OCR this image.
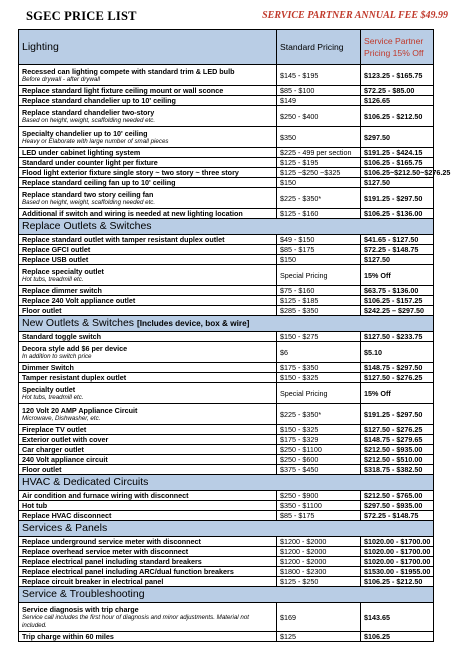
SGEC PRICE LIST	SERVICE PARTNER ANNUAL FEE $49.99
Lighting	Standard Pricing	Service Partner Pricing 15% Off
Recessed can lighting compete with standard trim & LED bulb
Before drywall - after drywall	$145 - $195	$123.25 - $165.75
Replace standard light fixture ceiling mount or wall sconce	$85 - $100	$72.25 - $85.00
Replace standard chandelier up to 10' ceiling	$149	$126.65
Replace standard chandelier two-story
Based on height, weight, scaffolding needed etc.	$250 - $400	$106.25 - $212.50
Specialty chandelier up to 10' ceiling
Heavy or Elaborate with large number of small pieces	$350	$297.50
LED under cabinet lighting system	$225 - 499 per section	$191.25 - $424.15
Standard under counter light per fixture	$125 - $195	$106.25 - $165.75
Flood light exterior fixture single story ~ two story ~ three story	$125 ~$250 ~$325	$106.25~$212.50~$276.25
Replace standard ceiling fan up to 10' ceiling	$150	$127.50
Replace standard two story ceiling fan
Based on height, weight, scaffolding needed etc.	$225 - $350*	$191.25 - $297.50
Additional if switch and wiring is needed at new lighting location	$125 - $160	$106.25 - $136.00
Replace Outlets & Switches		
Replace standard outlet with tamper resistant duplex outlet	$49 - $150	$41.65 - $127.50
Replace GFCI outlet	$85 - $175	$72.25 - $148.75
Replace USB outlet	$150	$127.50
Replace specialty outlet
Hot tubs, treadmill etc.	Special Pricing	15% Off
Replace dimmer switch	$75 - $160	$63.75 - $136.00
Replace 240 Volt appliance outlet	$125 - $185	$106.25 - $157.25
Floor outlet	$285 - $350	$242.25 – $297.50
New Outlets & Switches [Includes device, box & wire]		
Standard toggle switch	$150 - $275	$127.50 - $233.75
Decora style add $6 per device
In addition to switch price	$6	$5.10
Dimmer Switch	$175 - $350	$148.75 - $297.50
Tamper resistant duplex outlet	$150 - $325	$127.50 - $276.25
Specialty outlet
Hot tubs, treadmill etc.	Special Pricing	15% Off
120 Volt 20 AMP Appliance Circuit
Microwave, Dishwasher, etc.	$225 - $350*	$191.25 - $297.50
Fireplace TV outlet	$150 - $325	$127.50 - $276.25
Exterior outlet with cover	$175 - $329	$148.75 - $279.65
Car charger outlet	$250 - $1100	$212.50 - $935.00
240 Volt appliance circuit	$250 - $600	$212.50 - $510.00
Floor outlet	$375 - $450	$318.75 - $382.50
HVAC & Dedicated Circuits		
Air condition and furnace wiring with disconnect	$250 - $900	$212.50 - $765.00
Hot tub	$350 - $1100	$297.50 - $935.00
Replace HVAC disconnect	$85 - $175	$72.25 - $148.75
Services & Panels		
Replace underground service meter with disconnect	$1200 - $2000	$1020.00 - $1700.00
Replace overhead service meter with disconnect	$1200 - $2000	$1020.00 - $1700.00
Replace electrical panel including standard breakers	$1200 - $2000	$1020.00 - $1700.00
Replace electrical panel including ARC/dual function breakers	$1800 - $2300	$1530.00 - $1955.00
Replace circuit breaker in electrical panel	$125 - $250	$106.25 - $212.50
Service & Troubleshooting		
Service diagnosis with trip charge
Service call includes the first hour of diagnosis and minor adjustments. Material not included.	$169	$143.65
Trip charge within 60 miles	$125	$106.25
